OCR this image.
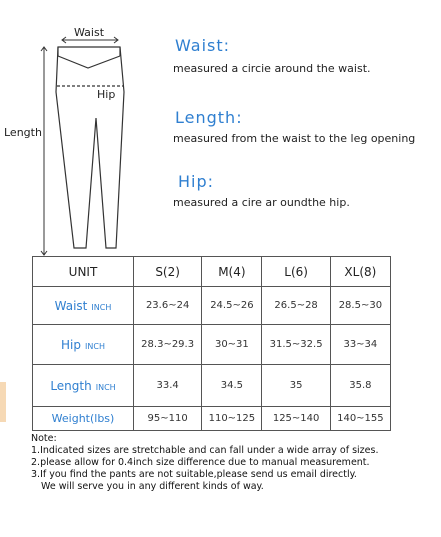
Waist
Hip
Length
Waist:
measured a circie around the waist.
Length:
measured from the waist to the leg opening
Hip:
measured a cire ar oundthe hip.
UNIT	S(2)	M(4)	L(6)	XL(8)
Waist INCH	23.6~24	24.5~26	26.5~28	28.5~30
Hip INCH	28.3~29.3	30~31	31.5~32.5	33~34
Length INCH	33.4	34.5	35	35.8
Weight(lbs)	95~110	110~125	125~140	140~155
Note:
1.Indicated sizes are stretchable and can fall under a wide array of sizes.
2.please allow for 0.4inch size difference due to manual measurement.
3.If you find the pants are not suitable,please send us email directly.
We will serve you in any different kinds of way.
